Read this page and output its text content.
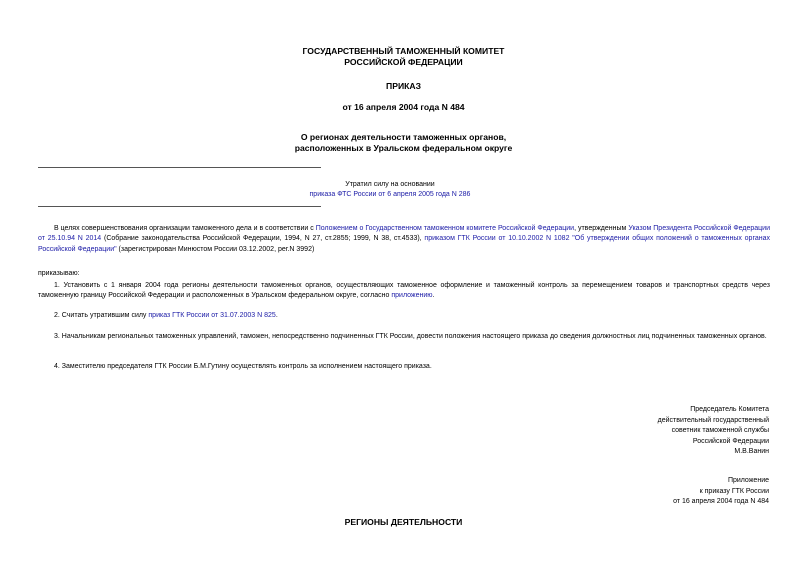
ГОСУДАРСТВЕННЫЙ ТАМОЖЕННЫЙ КОМИТЕТ
РОССИЙСКОЙ ФЕДЕРАЦИИ
ПРИКАЗ
от 16 апреля 2004 года N 484
О регионах деятельности таможенных органов,
расположенных в Уральском федеральном округе
Утратил силу на основании
приказа ФТС России от 6 апреля 2005 года N 286
В целях совершенствования организации таможенного дела и в соответствии с Положением о Государственном таможенном комитете Российской Федерации, утвержденным Указом Президента Российской Федерации от 25.10.94 N 2014 (Собрание законодательства Российской Федерации, 1994, N 27, ст.2855; 1999, N 38, ст.4533), приказом ГТК России от 10.10.2002 N 1082 "Об утверждении общих положений о таможенных органах Российской Федерации" (зарегистрирован Минюстом России 03.12.2002, рег.N 3992)
приказываю:
1. Установить с 1 января 2004 года регионы деятельности таможенных органов, осуществляющих таможенное оформление и таможенный контроль за перемещением товаров и транспортных средств через таможенную границу Российской Федерации и расположенных в Уральском федеральном округе, согласно приложению.
2. Считать утратившим силу приказ ГТК России от 31.07.2003 N 825.
3. Начальникам региональных таможенных управлений, таможен, непосредственно подчиненных ГТК России, довести положения настоящего приказа до сведения должностных лиц подчиненных таможенных органов.
4. Заместителю председателя ГТК России Б.М.Гутину осуществлять контроль за исполнением настоящего приказа.
Председатель Комитета
действительный государственный
советник таможенной службы
Российской Федерации
М.В.Ванин
Приложение
к приказу ГТК России
от 16 апреля 2004 года N 484
РЕГИОНЫ ДЕЯТЕЛЬНОСТИ
